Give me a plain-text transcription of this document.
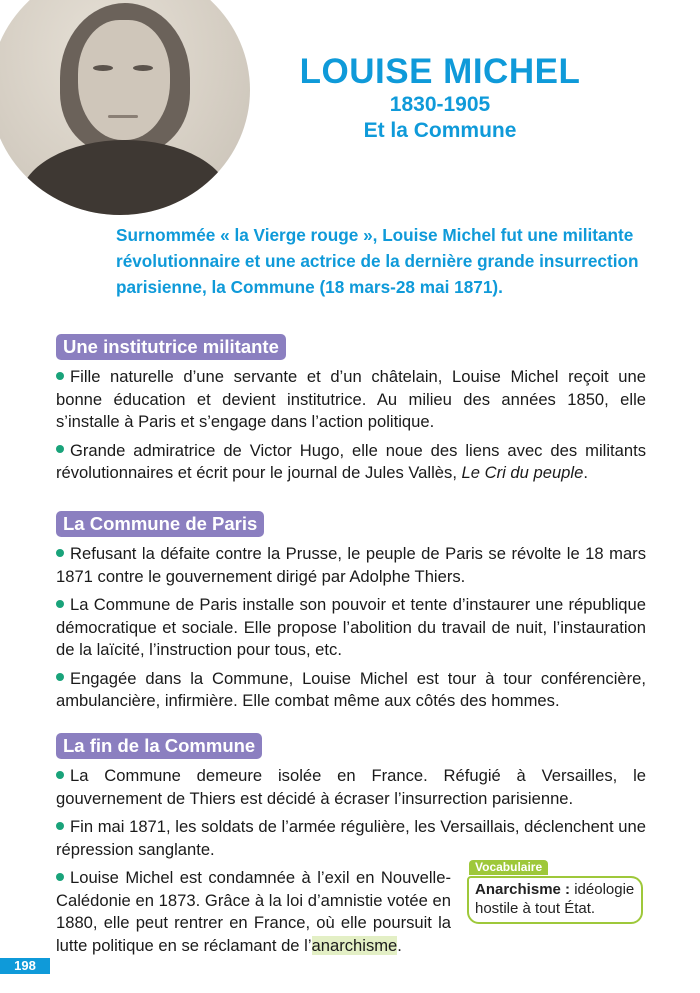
LOUISE MICHEL
1830-1905
Et la Commune

Surnommée « la Vierge rouge », Louise Michel fut une militante révolutionnaire et une actrice de la dernière grande insurrection parisienne, la Commune (18 mars-28 mai 1871).

Une institutrice militante

Fille naturelle d’une servante et d’un châtelain, Louise Michel reçoit une bonne éducation et devient institutrice. Au milieu des années 1850, elle s’installe à Paris et s’engage dans l’action politique.

Grande admiratrice de Victor Hugo, elle noue des liens avec des militants révolutionnaires et écrit pour le journal de Jules Vallès, Le Cri du peuple.

La Commune de Paris

Refusant la défaite contre la Prusse, le peuple de Paris se révolte le 18 mars 1871 contre le gouvernement dirigé par Adolphe Thiers.

La Commune de Paris installe son pouvoir et tente d’instaurer une république démocratique et sociale. Elle propose l’abolition du travail de nuit, l’instauration de la laïcité, l’instruction pour tous, etc.

Engagée dans la Commune, Louise Michel est tour à tour conférencière, ambulancière, infirmière. Elle combat même aux côtés des hommes.

La fin de la Commune

La Commune demeure isolée en France. Réfugié à Versailles, le gouvernement de Thiers est décidé à écraser l’insurrection parisienne.

Fin mai 1871, les soldats de l’armée régulière, les Versaillais, déclenchent une répression sanglante.

Louise Michel est condamnée à l’exil en Nouvelle-Calédonie en 1873. Grâce à la loi d’amnistie votée en 1880, elle peut rentrer en France, où elle poursuit la lutte politique en se réclamant de l’anarchisme.

Vocabulaire
Anarchisme : idéologie hostile à tout État.
198
